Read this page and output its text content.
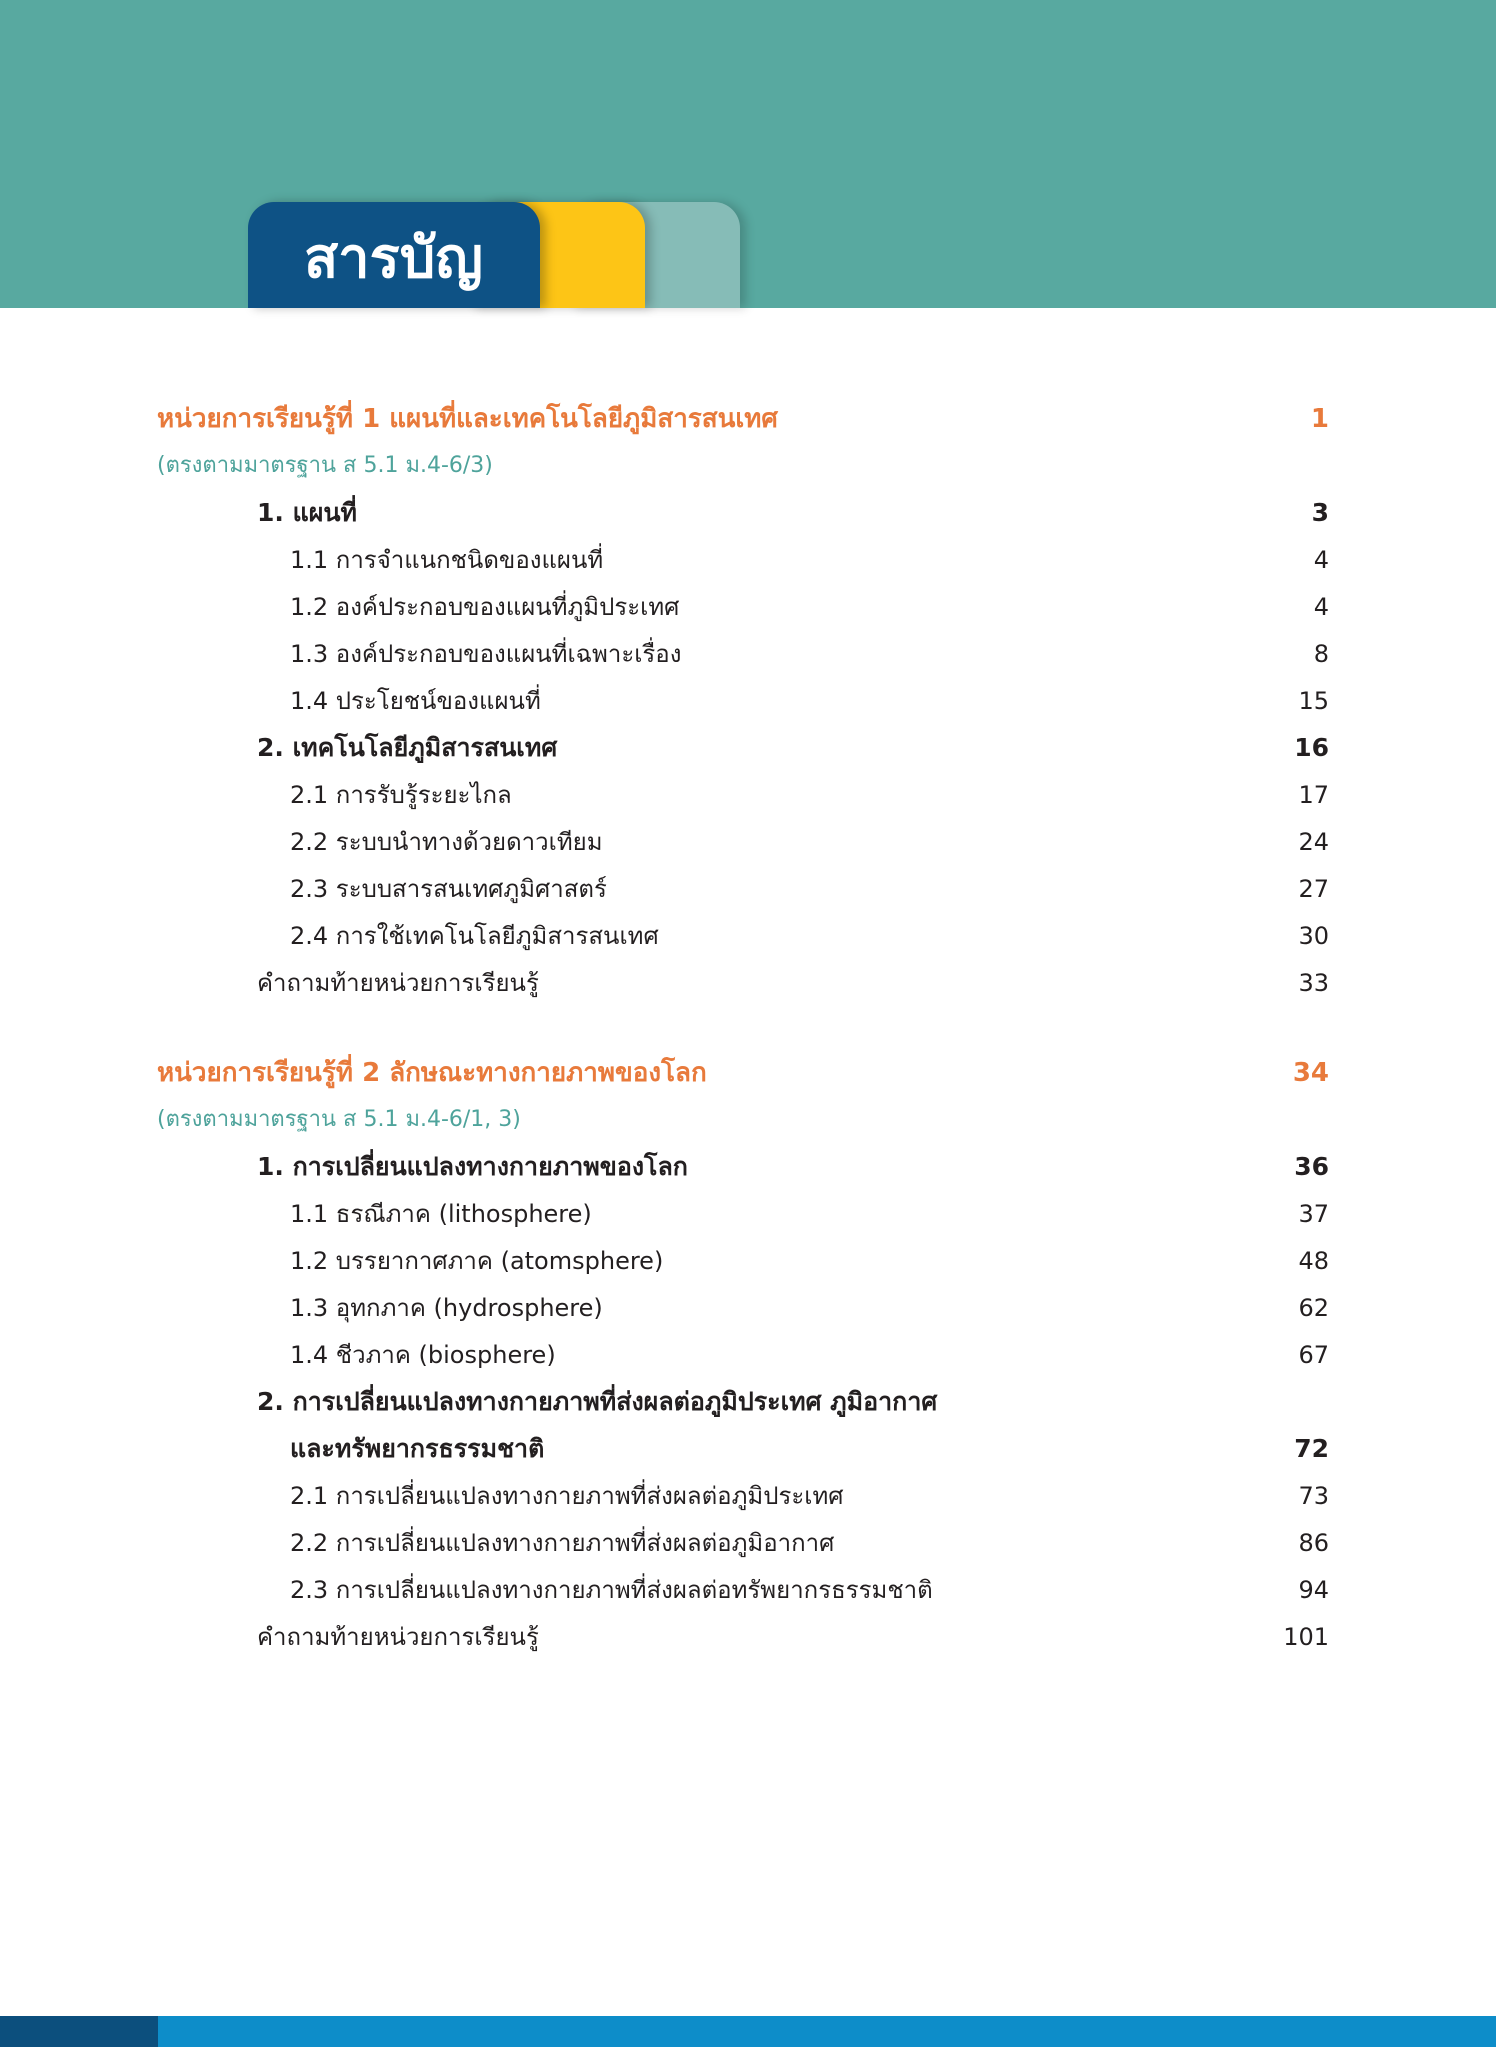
สารบัญ
หน่วยการเรียนรู้ที่ 1 แผนที่และเทคโนโลยีภูมิสารสนเทศ	1
(ตรงตามมาตรฐาน ส 5.1 ม.4-6/3)
1. แผนที่	3
1.1 การจำแนกชนิดของแผนที่	4
1.2 องค์ประกอบของแผนที่ภูมิประเทศ	4
1.3 องค์ประกอบของแผนที่เฉพาะเรื่อง	8
1.4 ประโยชน์ของแผนที่	15
2. เทคโนโลยีภูมิสารสนเทศ	16
2.1 การรับรู้ระยะไกล	17
2.2 ระบบนำทางด้วยดาวเทียม	24
2.3 ระบบสารสนเทศภูมิศาสตร์	27
2.4 การใช้เทคโนโลยีภูมิสารสนเทศ	30
คำถามท้ายหน่วยการเรียนรู้	33
หน่วยการเรียนรู้ที่ 2 ลักษณะทางกายภาพของโลก	34
(ตรงตามมาตรฐาน ส 5.1 ม.4-6/1, 3)
1. การเปลี่ยนแปลงทางกายภาพของโลก	36
1.1 ธรณีภาค (lithosphere)	37
1.2 บรรยากาศภาค (atomsphere)	48
1.3 อุทกภาค (hydrosphere)	62
1.4 ชีวภาค (biosphere)	67
2. การเปลี่ยนแปลงทางกายภาพที่ส่งผลต่อภูมิประเทศ ภูมิอากาศ
และทรัพยากรธรรมชาติ	72
2.1 การเปลี่ยนแปลงทางกายภาพที่ส่งผลต่อภูมิประเทศ	73
2.2 การเปลี่ยนแปลงทางกายภาพที่ส่งผลต่อภูมิอากาศ	86
2.3 การเปลี่ยนแปลงทางกายภาพที่ส่งผลต่อทรัพยากรธรรมชาติ	94
คำถามท้ายหน่วยการเรียนรู้	101
